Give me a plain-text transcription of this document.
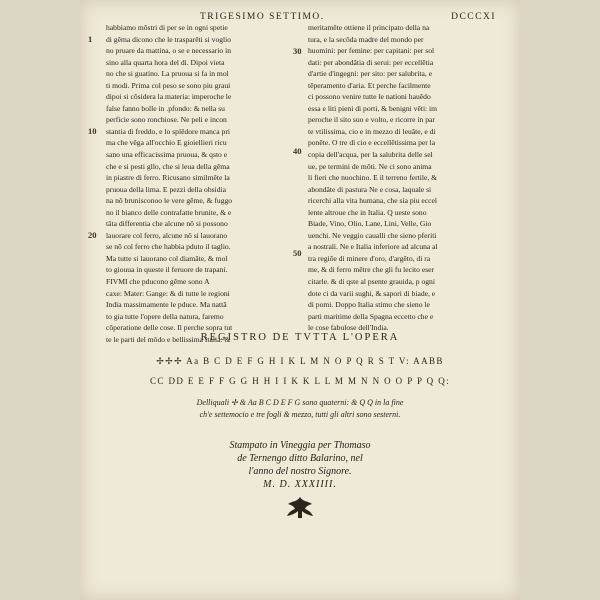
TRIGESIMO SETTIMO.	DCCCXI
1
10
20
30
40
50
habbiamo mõstri di per se in ogni spetie
di gẽma dicono che le trasparẽti si voglio
no pruare da mattina, o se e necessario in
sino alla quarta hora del dì. Dipoi vieta
no che si guatino. La pruoua si fa in mol
ti modi. Prima col peso se sono piu graui
dipoi si cõsidera la materia: imperoche le
false fanno bolle in .pfondo: & nella su
perficie sono ronchiose. Ne peli e incon
stantia di freddo, e lo splẽdore manca pri
ma che vẽga all'occhio E gioiellieri ricu
sano una efficacissima pruoua, & qsto e
che e si pesti gllo, che si leua della gẽma
in piastre di ferro. Ricusano similmẽte la
pruoua della lima. E pezzi della obsidia
na nõ brunisconoo le vere gẽme, & fuggo
no il bianco delle contrafatte brunite, & e
tãta differentia che alcune nõ si possono
lauorare col ferro, alcune nõ si lauorano
se nõ col ferro che habbia pduto il taglio.
Ma tutte si lauorano col diamãte, & mol
to giouua in queste il feruore de trapani.
FIVMI che pducono gẽme sono A
caxe: Mater: Gange: & di tutte le regioni
India massimamente le pduce. Ma nattã
to gia tutte l'opere della natura, faremo
cõperatione delle cose. Il perche sopra tut
te le parti del mõdo e bellissima Italia: &
meritamẽte ottiene il principato della na
tura, e la secõda madre del mondo per
huomini: per femine: per capitani: per sol
dati: per abondãtia di serui: per eccellẽtia
d'artie d'ingegni: per sito: per salubrita, e
tẽperamento d'aria. Et perche facilmente
ci possono venire tutte le nationi hauẽdo
essa e liti pieni di porti, & benigni vẽti: im
peroche il sito suo e volto, e ricorre in par
te vtilissima, cio e in mezzo di leuãte, e di
ponẽte. O tre di cio e eccellẽtissima per la
copia dell'acqua, per la salubrita delle sel
ue, pe termini de mõti. Ne ci sono anima
li fieri che nuochino. E il terreno fertile, &
abondãte di pastura Ne e cosa, laquale si
ricerchi alla vita humana, che sia piu eccel
lente altroue che in Italia. Q ueste sono
Biade, Vino, Olio, Lane, Lini, Velle, Gio
uenchi. Ne veggio caualli che sieno pferiti
a nostrali. Ne e Italia inferiore ad alcuna al
tra regiõe di minere d'oro, d'argẽto, di ra
me, & di ferro mẽtre che gli fu lecito eser
citarle. & di qste al psente grauida, p ogni
dote ci da varii sughi, & sapori di biade, e
di pomi. Doppo Italia stimo che sieno le
parti maritime della Spagna eccetto che e
le cose fabulose dell'India.
REGISTRO DE TVTTA L'OPERA
✢✢✢ Aa B C D E F G H I K L M N O P Q R S T V: AABB
CC DD E E F F G G H H I I K K L L M M N N O O P P Q Q:
Delliquali ✢ & Aa B C D E F G sono quaterni: & Q Q in la fine
ch'e settemocio e tre fogli & mezzo, tutti gli altri sono sesterni.
Stampato in Vineggia per Thomaso
de Ternengo ditto Balarino, nel
l'anno del nostro Signore.
M. D. XXXIIII.
